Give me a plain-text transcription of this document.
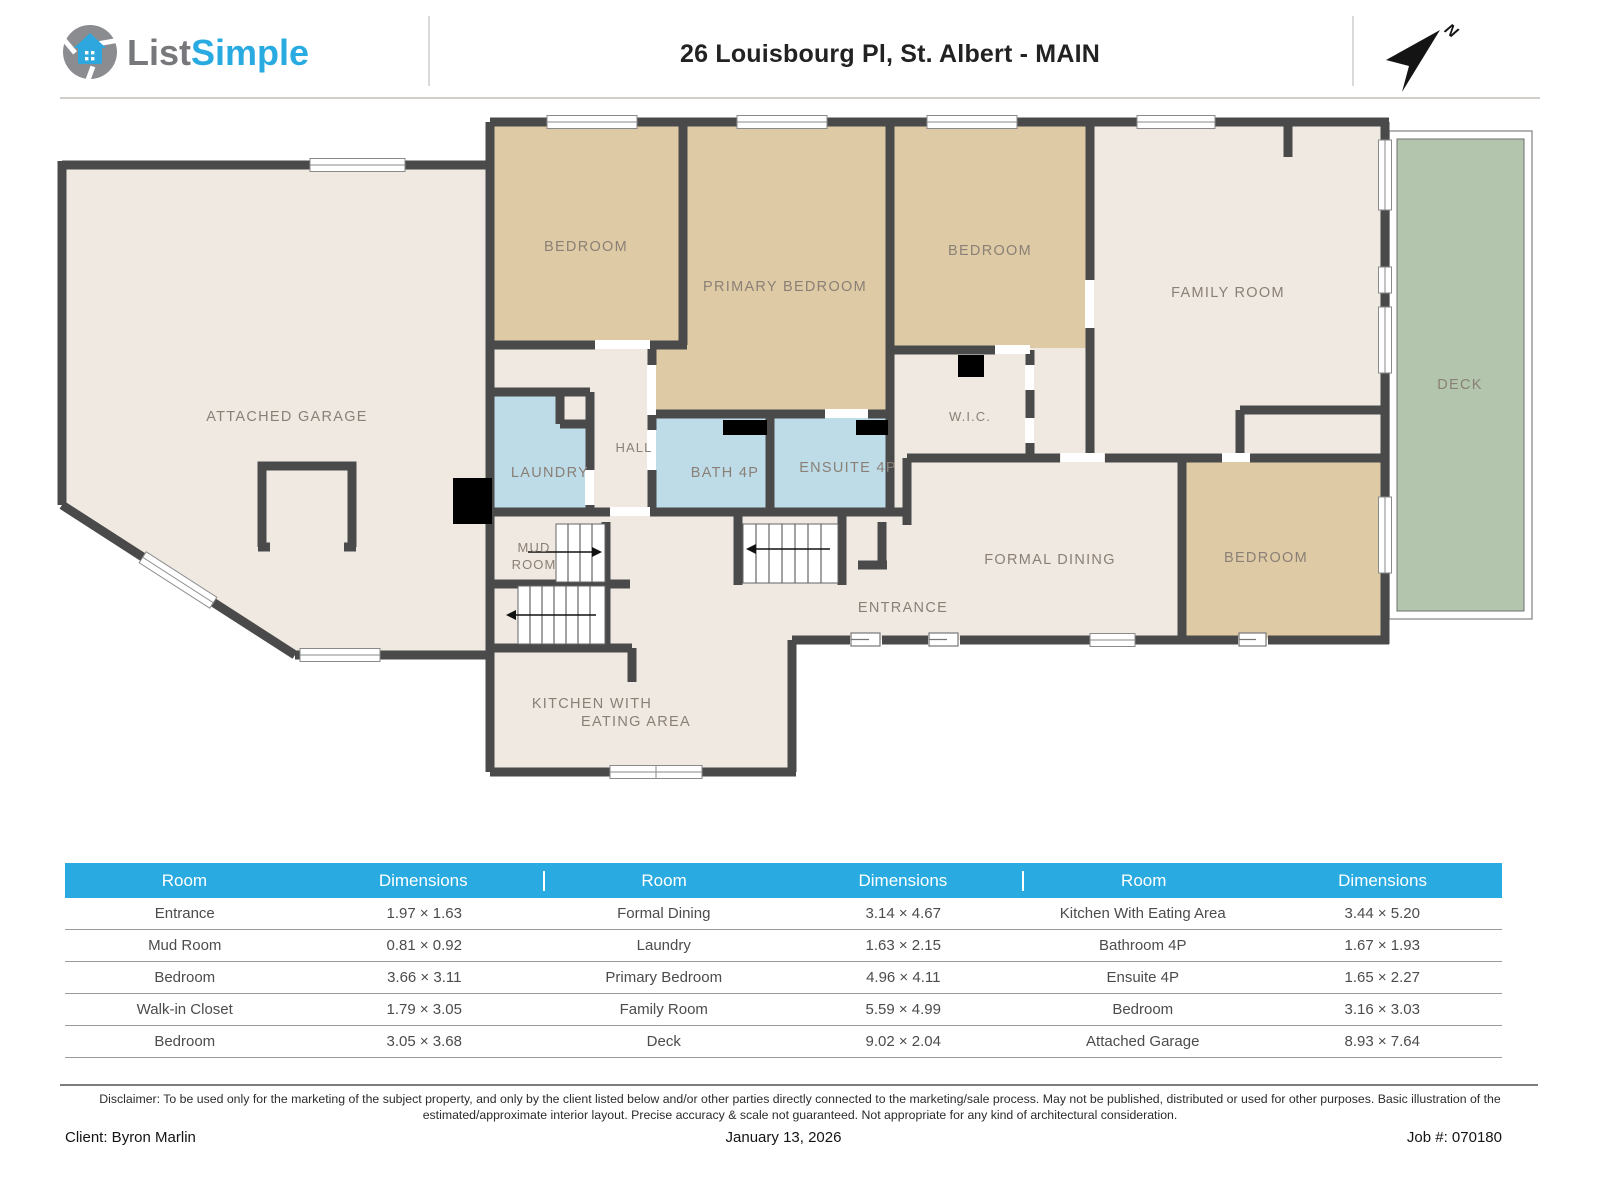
ListSimple	26 Louisbourg Pl, St. Albert - MAIN
N
ATTACHED GARAGE
BEDROOM
PRIMARY BEDROOM
BEDROOM
FAMILY ROOM
DECK
LAUNDRY
HALL
BATH 4P	ENSUITE 4P
W.I.C.
MUD
ROOM	FORMAL DINING
ENTRANCE
BEDROOM
KITCHEN WITH
EATING AREA
Room	Dimensions	Room	Dimensions	Room	Dimensions
Entrance	1.97 × 1.63	Formal Dining	3.14 × 4.67	Kitchen With Eating Area	3.44 × 5.20
Mud Room	0.81 × 0.92	Laundry	1.63 × 2.15	Bathroom 4P	1.67 × 1.93
Bedroom	3.66 × 3.11	Primary Bedroom	4.96 × 4.11	Ensuite 4P	1.65 × 2.27
Walk-in Closet	1.79 × 3.05	Family Room	5.59 × 4.99	Bedroom	3.16 × 3.03
Bedroom	3.05 × 3.68	Deck	9.02 × 2.04	Attached Garage	8.93 × 7.64
Disclaimer: To be used only for the marketing of the subject property, and only by the client listed below and/or other parties directly connected to the marketing/sale process. May not be published, distributed or used for other purposes. Basic illustration of the estimated/approximate interior layout. Precise accuracy & scale not guaranteed. Not appropriate for any kind of architectural consideration.
Client: Byron Marlin	January 13, 2026	Job #: 070180
